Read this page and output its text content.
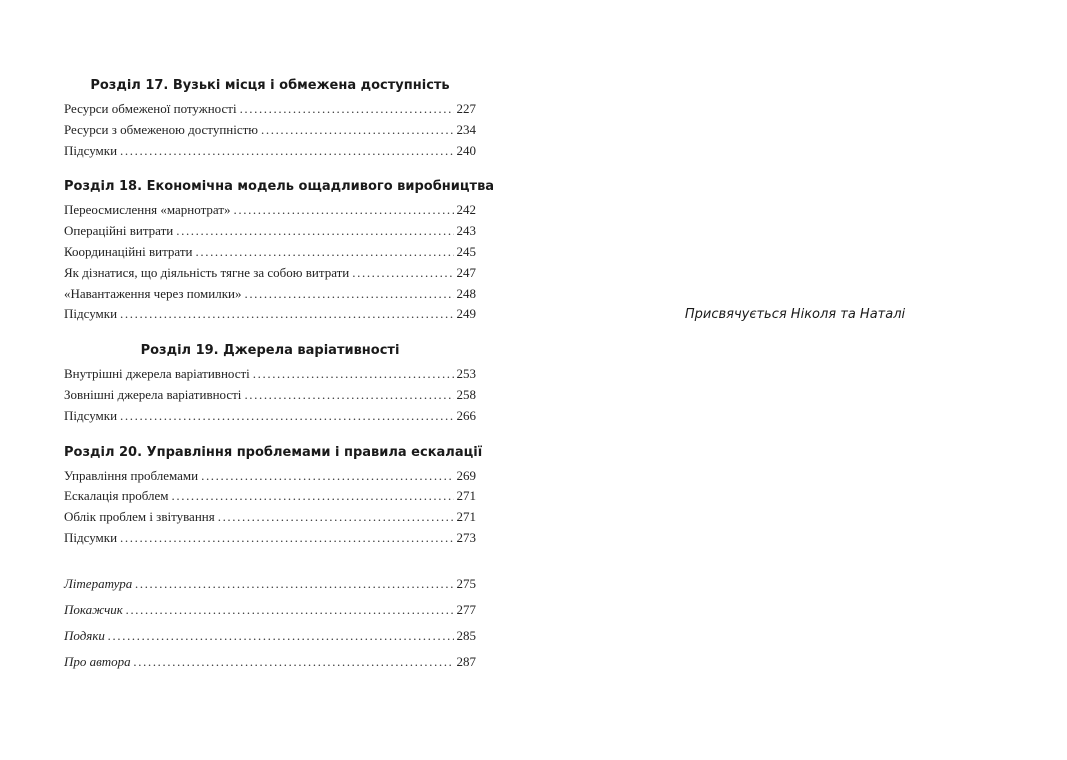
Розділ 17. Вузькі місця і обмежена доступність
Ресурси обмеженої потужності .....	227
Ресурси з обмеженою доступністю .....	234
Підсумки .....	240
Розділ 18. Економічна модель ощадливого виробництва
Переосмислення «марнотрат» .....	242
Операційні витрати .....	243
Координаційні витрати .....	245
Як дізнатися, що діяльність тягне за собою витрати .....	247
«Навантаження через помилки» .....	248
Підсумки .....	249
Розділ 19. Джерела варіативності
Внутрішні джерела варіативності .....	253
Зовнішні джерела варіативності .....	258
Підсумки .....	266
Розділ 20. Управління проблемами і правила ескалації
Управління проблемами .....	269
Ескалація проблем .....	271
Облік проблем і звітування .....	271
Підсумки .....	273
Література .....	275
Покажчик .....	277
Подяки .....	285
Про автора .....	287
Присвячується Ніколя та Наталі
